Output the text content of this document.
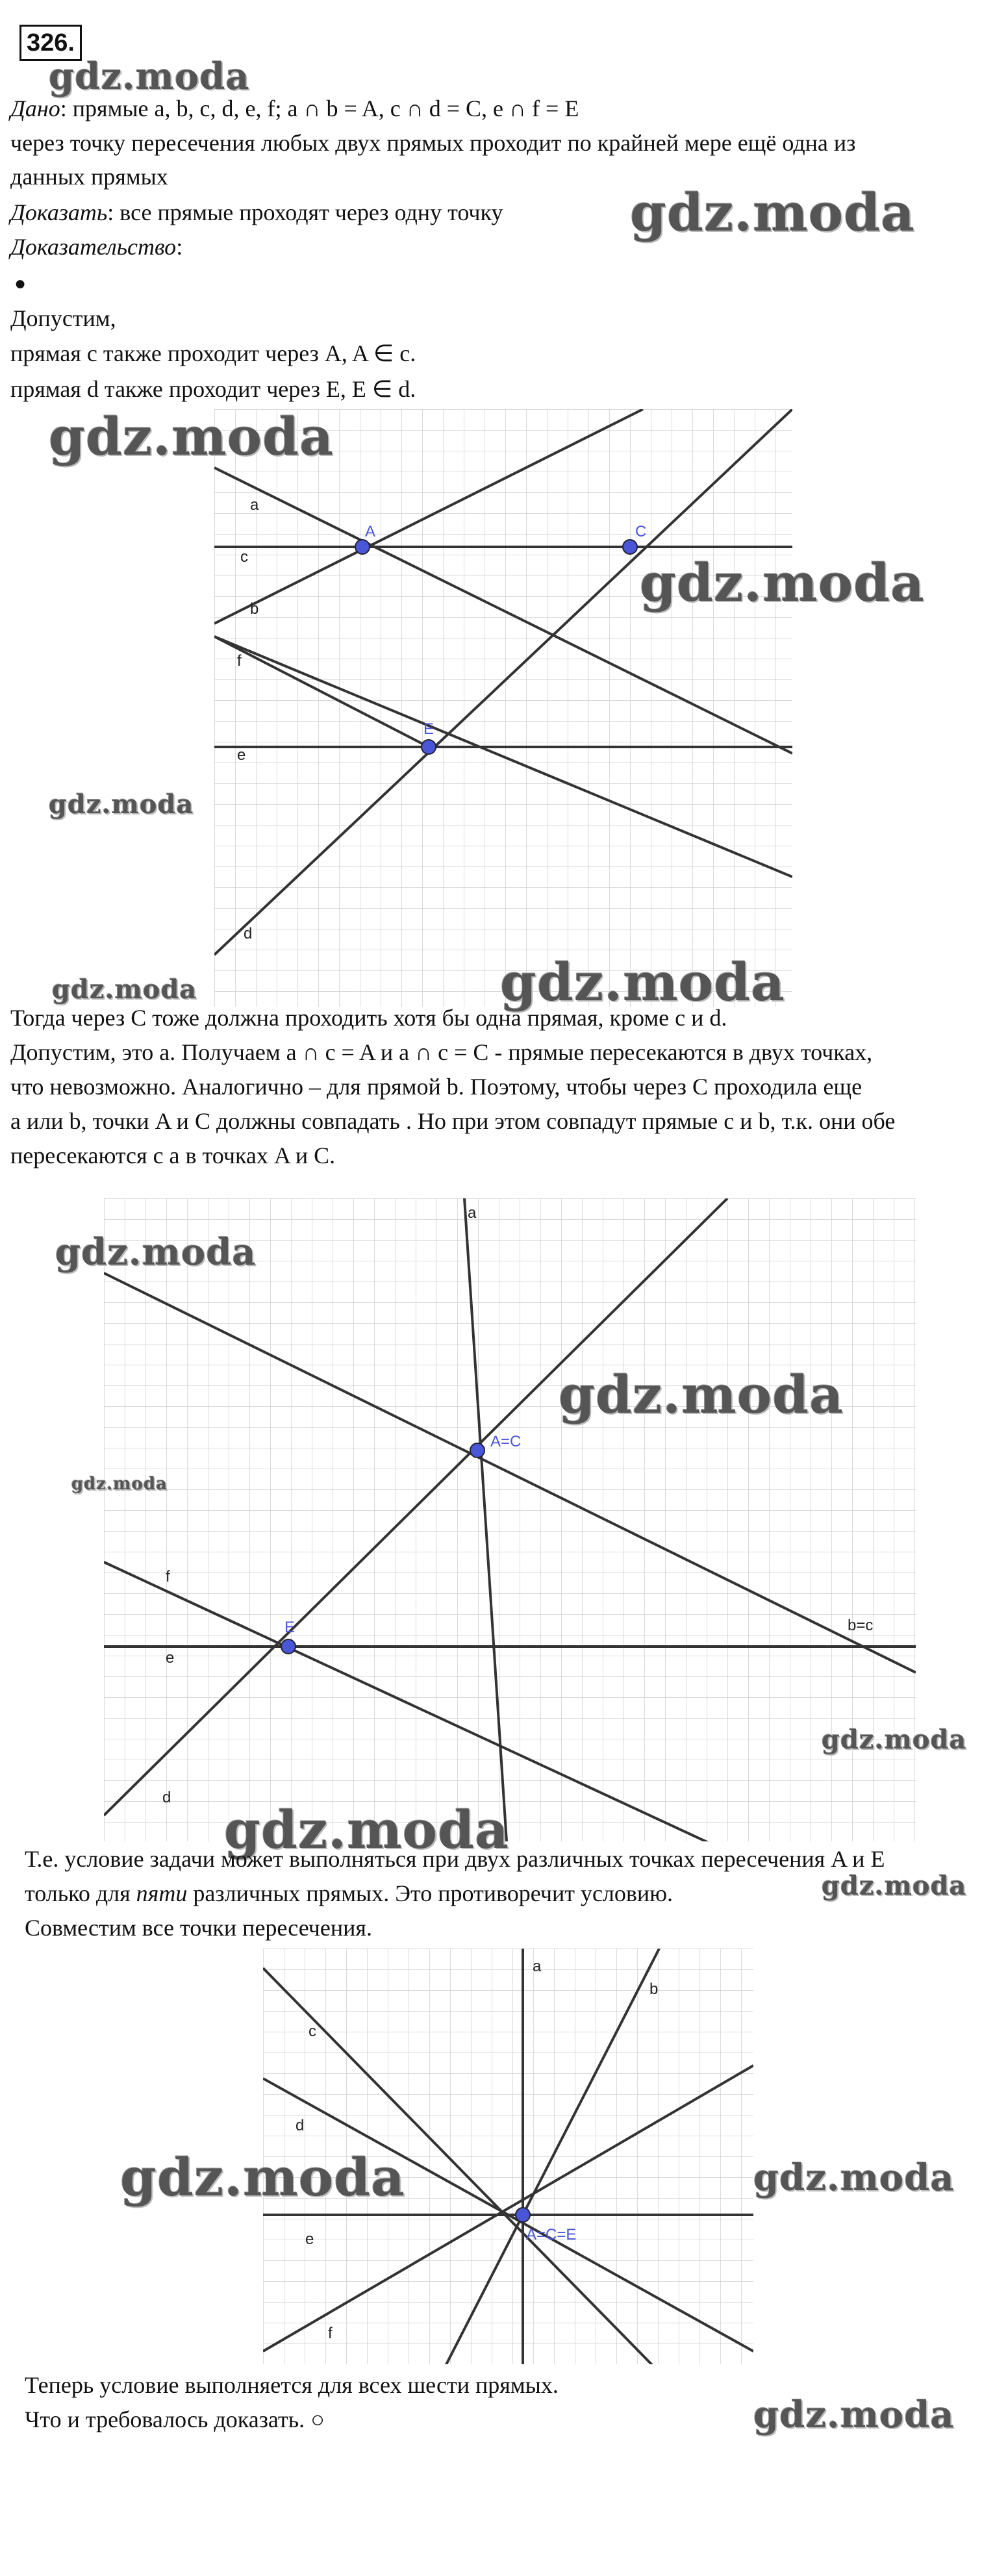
326.
gdz.moda
Дано: прямые a, b, c, d, e, f; a ∩ b = A, c ∩ d = C, e ∩ f = E
через точку пересечения любых двух прямых проходит по крайней мере ещё одна из
данных прямых
Доказать: все прямые проходят через одну точку gdz.moda
Доказательство:
●
Допустим,
прямая c также проходит через A, A ∈ c.
прямая d также проходит через E, E ∈ d.
a
c
b
f
e
d
A	C
E
gdz.moda
gdz.moda
gdz.moda
gdz.moda
gdz.moda
Тогда через C тоже должна проходить хотя бы одна прямая, кроме c и d.
Допустим, это a. Получаем a ∩ c = A и a ∩ c = C - прямые пересекаются в двух точках,
что невозможно. Аналогично – для прямой b. Поэтому, чтобы через C проходила еще
a или b, точки A и C должны совпадать . Но при этом совпадут прямые c и b, т.к. они обе
пересекаются с a в точках A и C.
a
b=c
f
e
d
A=C
E
gdz.moda
gdz.moda
gdz.moda
gdz.moda
gdz.moda
Т.е. условие задачи может выполняться при двух различных точках пересечения A и E
только для пяти различных прямых. Это противоречит условию.	gdz.moda
Совместим все точки пересечения.
a
b
c
d
e
f
A=C=E
gdz.moda	gdz.moda
Теперь условие выполняется для всех шести прямых.
Что и требовалось доказать. ○	gdz.moda
